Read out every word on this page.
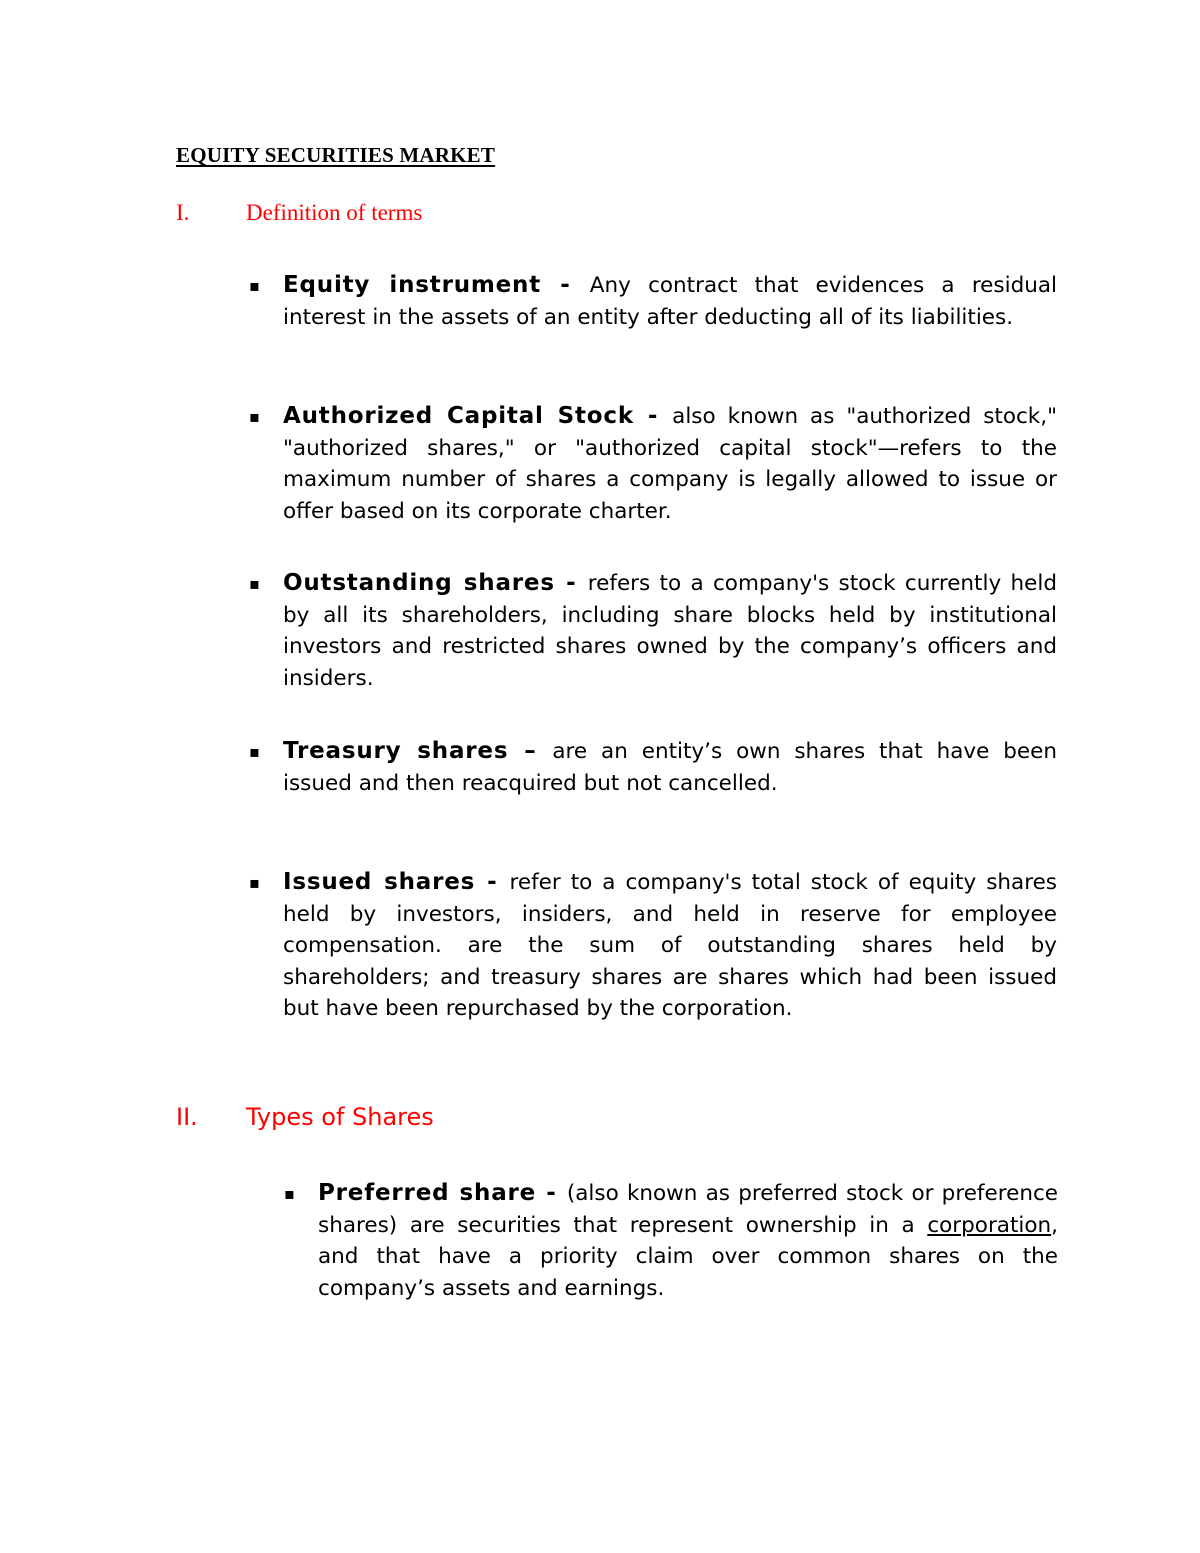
EQUITY SECURITIES MARKET
I. Definition of terms
▪ Equity instrument - Any contract that evidences a residual interest in the assets of an entity after deducting all of its liabilities.

▪ Authorized Capital Stock - also known as "authorized stock," "authorized shares," or "authorized capital stock"—refers to the maximum number of shares a company is legally allowed to issue or offer based on its corporate charter.

▪ Outstanding shares - refers to a company's stock currently held by all its shareholders, including share blocks held by institutional investors and restricted shares owned by the company’s officers and insiders.

▪ Treasury shares – are an entity’s own shares that have been issued and then reacquired but not cancelled.

▪ Issued shares - refer to a company's total stock of equity shares held by investors, insiders, and held in reserve for employee compensation. are the sum of outstanding shares held by shareholders; and treasury shares are shares which had been issued but have been repurchased by the corporation.

II. Types of Shares
▪ Preferred share - (also known as preferred stock or preference shares) are securities that represent ownership in a corporation, and that have a priority claim over common shares on the company’s assets and earnings.
